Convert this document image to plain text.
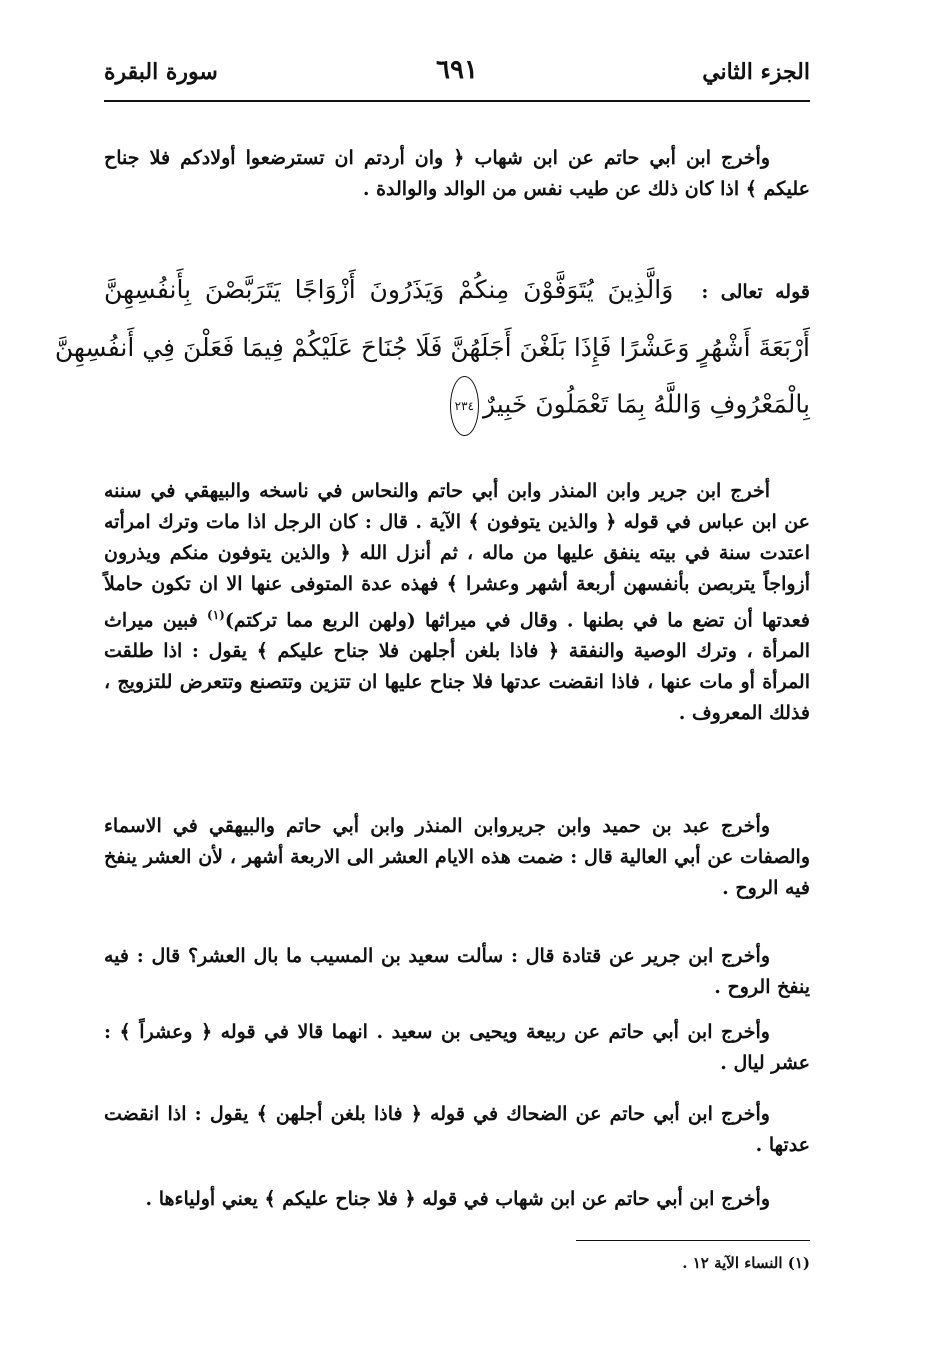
الجزء الثاني
٦٩١
سورة البقرة

وأخرج ابن أبي حاتم عن ابن شهاب ﴿ وان أردتم ان تسترضعوا أولادكم فلا جناح عليكم ﴾ اذا كان ذلك عن طيب نفس من الوالد والوالدة .

قوله تعالى :وَالَّذِينَ يُتَوَفَّوْنَ مِنكُمْ وَيَذَرُونَ أَزْوَاجًا يَتَرَبَّصْنَ بِأَنفُسِهِنَّ
أَرْبَعَةَ أَشْهُرٍ وَعَشْرًا فَإِذَا بَلَغْنَ أَجَلَهُنَّ فَلَا جُنَاحَ عَلَيْكُمْ فِيمَا فَعَلْنَ فِي أَنفُسِهِنَّ
بِالْمَعْرُوفِ وَاللَّهُ بِمَا تَعْمَلُونَ خَبِيرٌ٢٣٤
أخرج ابن جرير وابن المنذر وابن أبي حاتم والنحاس في ناسخه والبيهقي في سننه عن ابن عباس في قوله ﴿ والذين يتوفون ﴾ الآية . قال : كان الرجل اذا مات وترك امرأته اعتدت سنة في بيته ينفق عليها من ماله ، ثم أنزل الله ﴿ والذين يتوفون منكم ويذرون أزواجاً يتربصن بأنفسهن أربعة أشهر وعشرا ﴾ فهذه عدة المتوفى عنها الا ان تكون حاملاً فعدتها أن تضع ما في بطنها . وقال في ميراثها (ولهن الربع مما تركتم)$^{(١)}$ فبين ميراث المرأة ، وترك الوصية والنفقة ﴿ فاذا بلغن أجلهن فلا جناح عليكم ﴾ يقول : اذا طلقت المرأة أو مات عنها ، فاذا انقضت عدتها فلا جناح عليها ان تتزين وتتصنع وتتعرض للتزويج ، فذلك المعروف .

وأخرج عبد بن حميد وابن جريروابن المنذر وابن أبي حاتم والبيهقي في الاسماء والصفات عن أبي العالية قال : ضمت هذه الايام العشر الى الاربعة أشهر ، لأن العشر ينفخ فيه الروح .

وأخرج ابن جرير عن قتادة قال : سألت سعيد بن المسيب ما بال العشر؟ قال : فيه ينفخ الروح .

وأخرج ابن أبي حاتم عن ربيعة ويحيى بن سعيد . انهما قالا في قوله ﴿ وعشراً ﴾ : عشر ليال .

وأخرج ابن أبي حاتم عن الضحاك في قوله ﴿ فاذا بلغن أجلهن ﴾ يقول : اذا انقضت عدتها .

وأخرج ابن أبي حاتم عن ابن شهاب في قوله ﴿ فلا جناح عليكم ﴾ يعني أولياءها .

(١) النساء الآية ١٢ .
